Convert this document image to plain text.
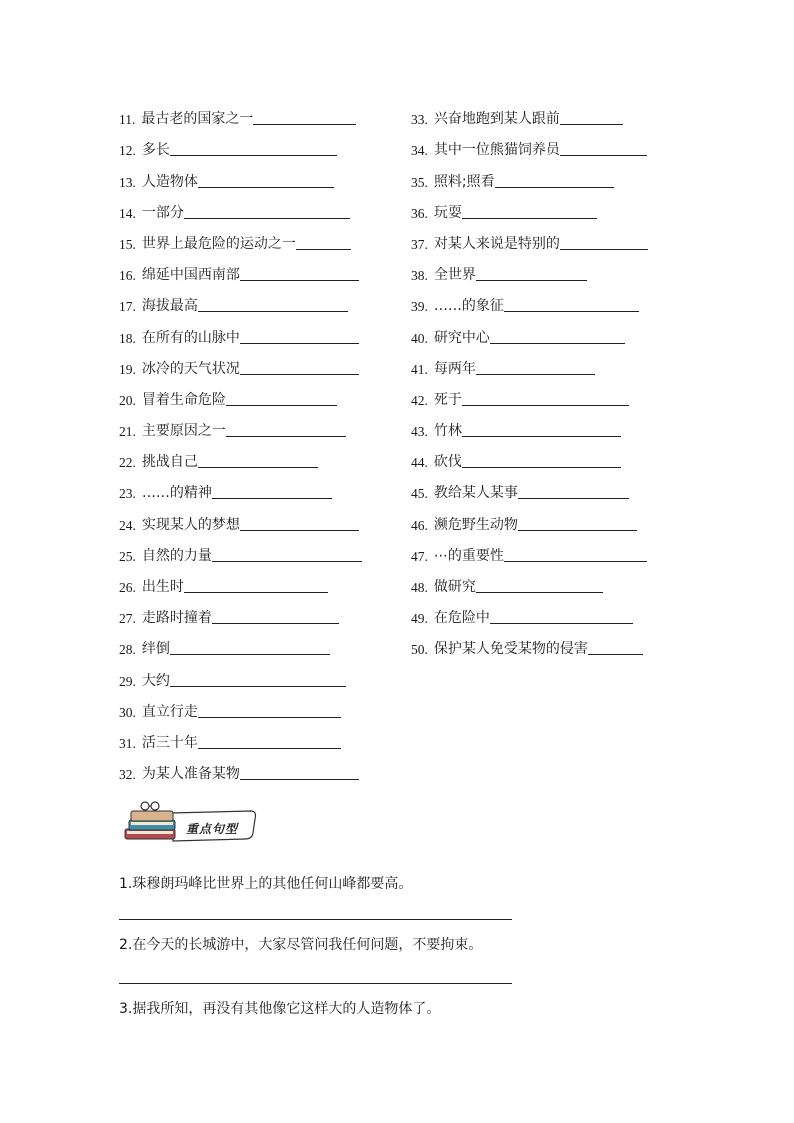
11. 最古老的国家之一
12. 多长
13. 人造物体
14. 一部分
15. 世界上最危险的运动之一
16. 绵延中国西南部
17. 海拔最高
18. 在所有的山脉中
19. 冰冷的天气状况
20. 冒着生命危险
21. 主要原因之一
22. 挑战自己
23. ……的精神
24. 实现某人的梦想
25. 自然的力量
26. 出生时
27. 走路时撞着
28. 绊倒
29. 大约
30. 直立行走
31. 活三十年
32. 为某人准备某物
33. 兴奋地跑到某人跟前
34. 其中一位熊猫饲养员
35. 照料;照看
36. 玩耍
37. 对某人来说是特别的
38. 全世界
39. ……的象征
40. 研究中心
41. 每两年
42. 死于
43. 竹林
44. 砍伐
45. 教给某人某事
46. 濒危野生动物
47. ⋯的重要性
48. 做研究
49. 在危险中
50. 保护某人免受某物的侵害
重点句型
1.珠穆朗玛峰比世界上的其他任何山峰都要高。
2.在今天的长城游中，大家尽管问我任何问题，不要拘束。
3.据我所知，再没有其他像它这样大的人造物体了。
